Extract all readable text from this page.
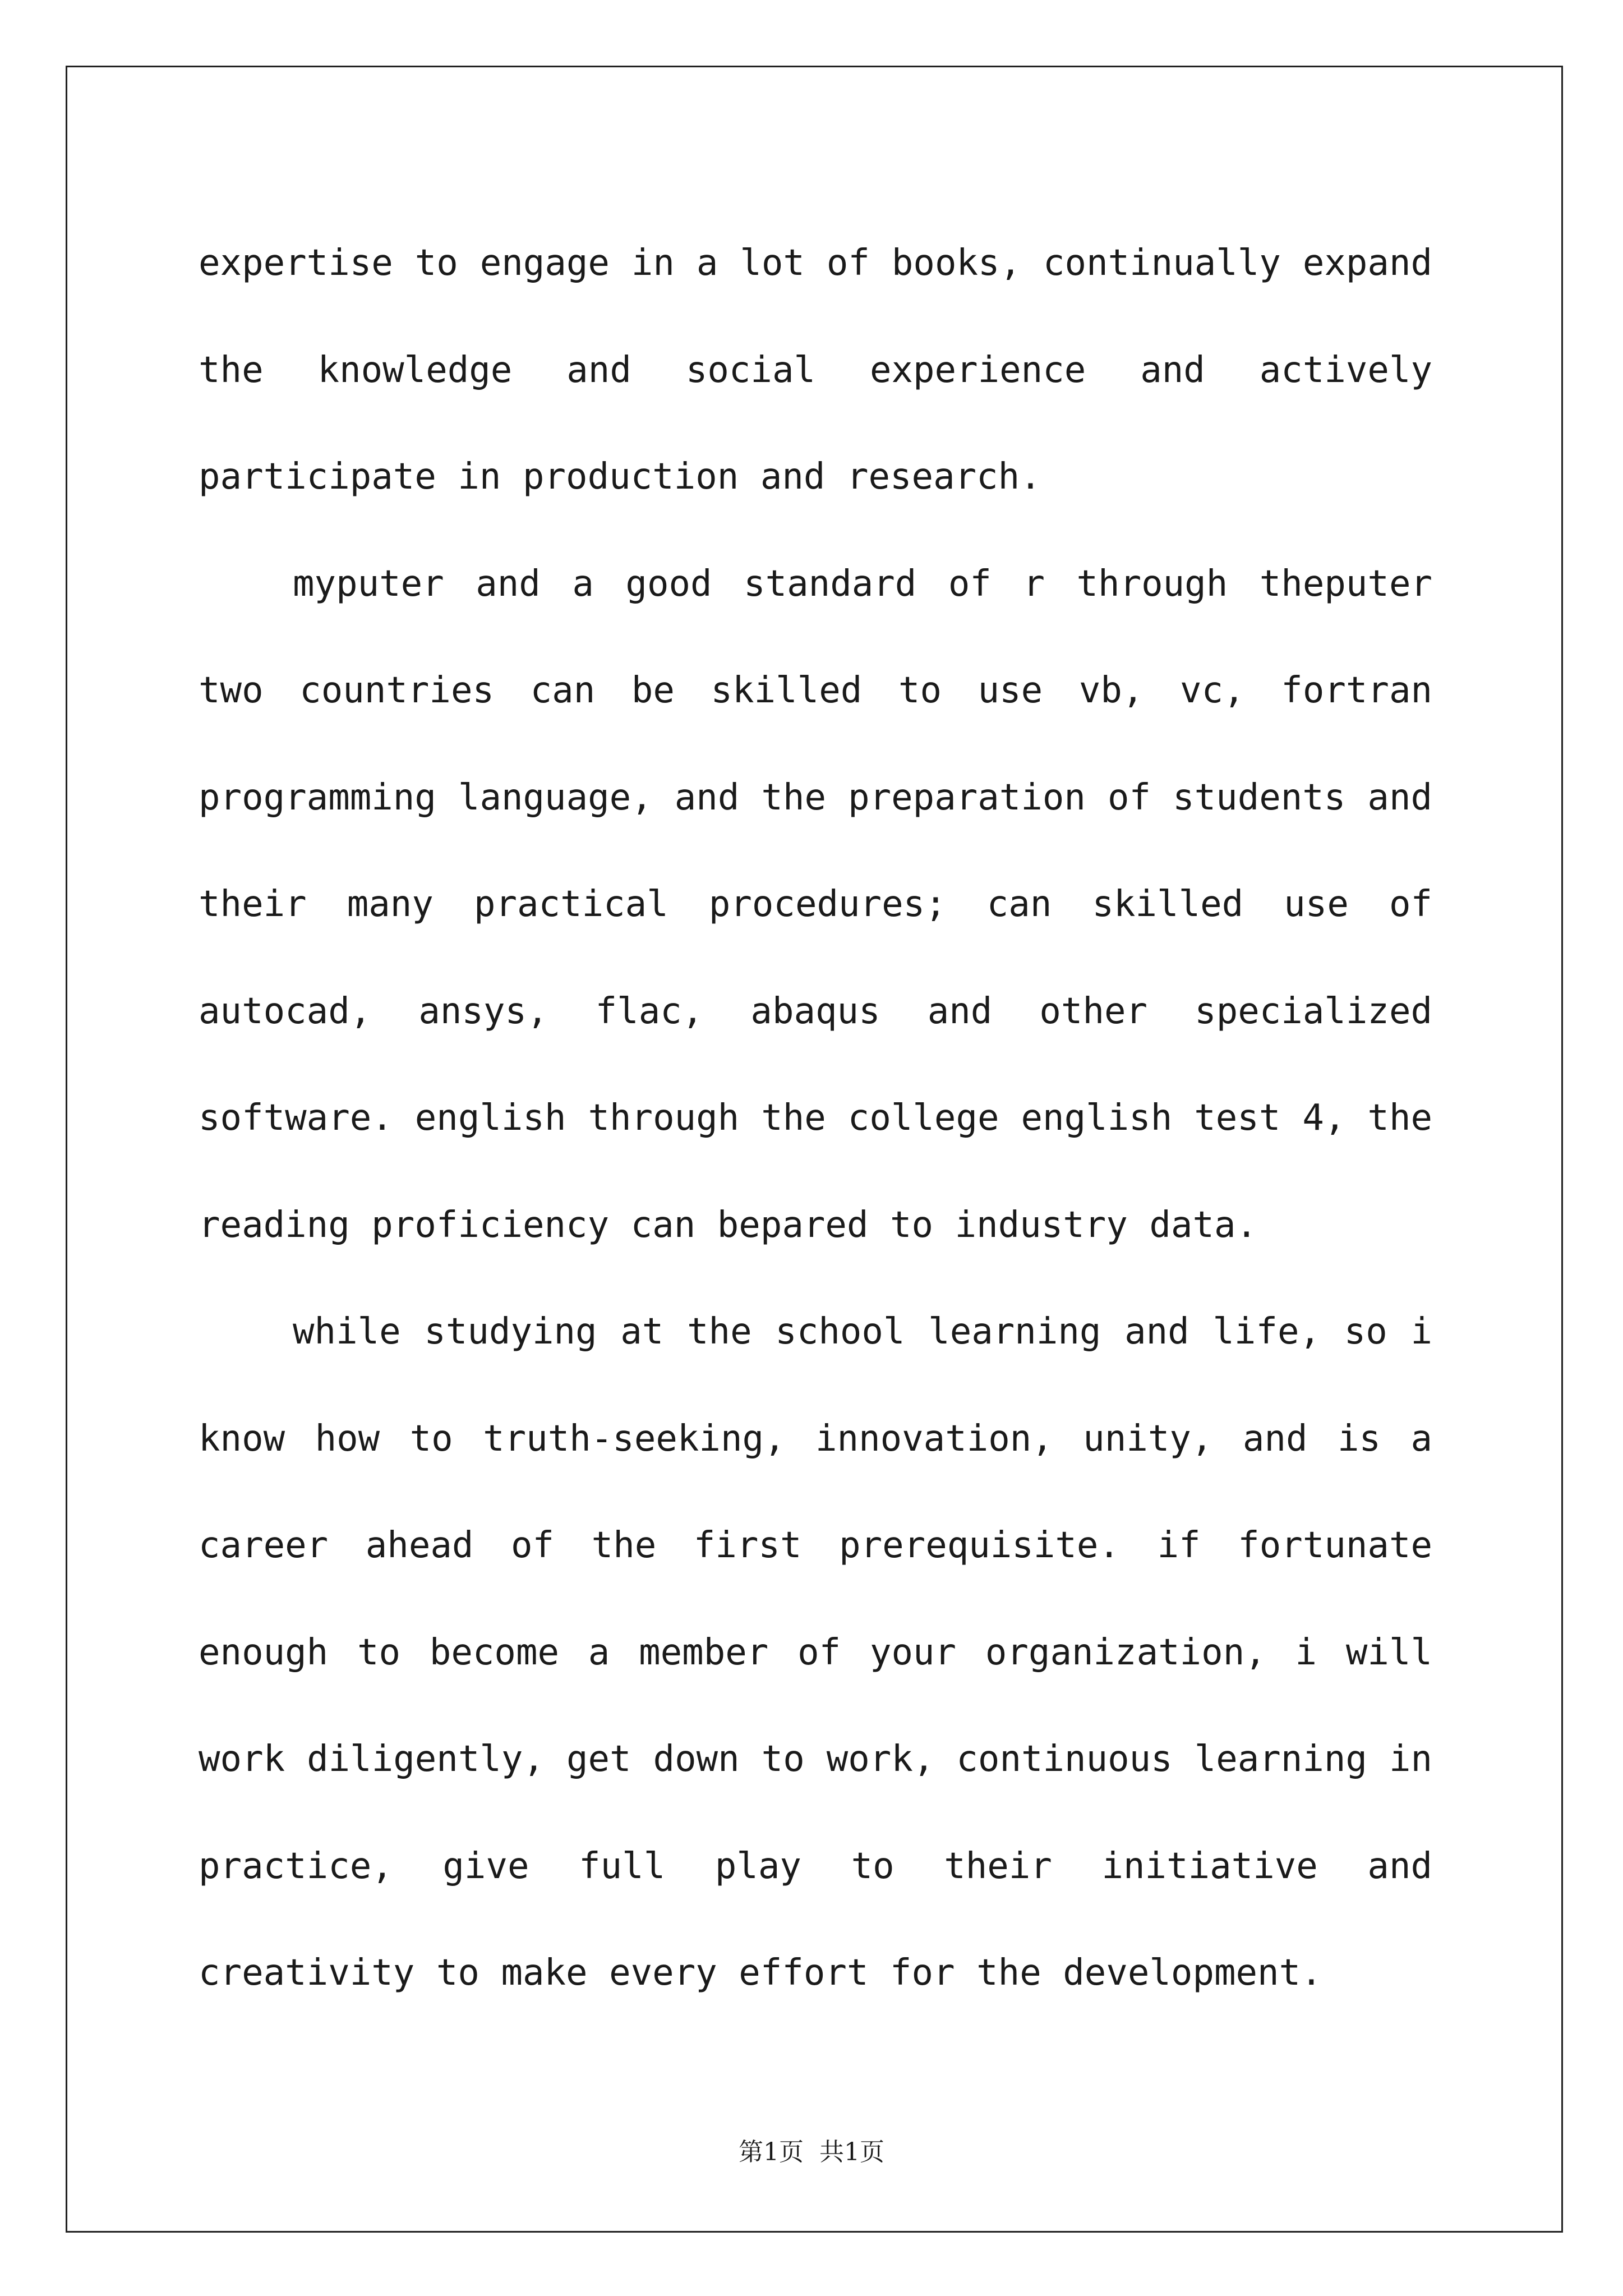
expertise to engage in a lot of books, continually expand the knowledge and social experience and actively participate in production and research.

myputer and a good standard of r through theputer two countries can be skilled to use vb, vc, fortran programming language, and the preparation of students and their many practical procedures; can skilled use of autocad, ansys, flac, abaqus and other specialized software. english through the college english test 4, the reading proficiency can bepared to industry data.

while studying at the school learning and life, so i know how to truth-seeking, innovation, unity, and is a career ahead of the first prerequisite. if fortunate enough to become a member of your organization, i will work diligently, get down to work, continuous learning in practice, give full play to their initiative and creativity to make every effort for the development.

第1页  共1页
